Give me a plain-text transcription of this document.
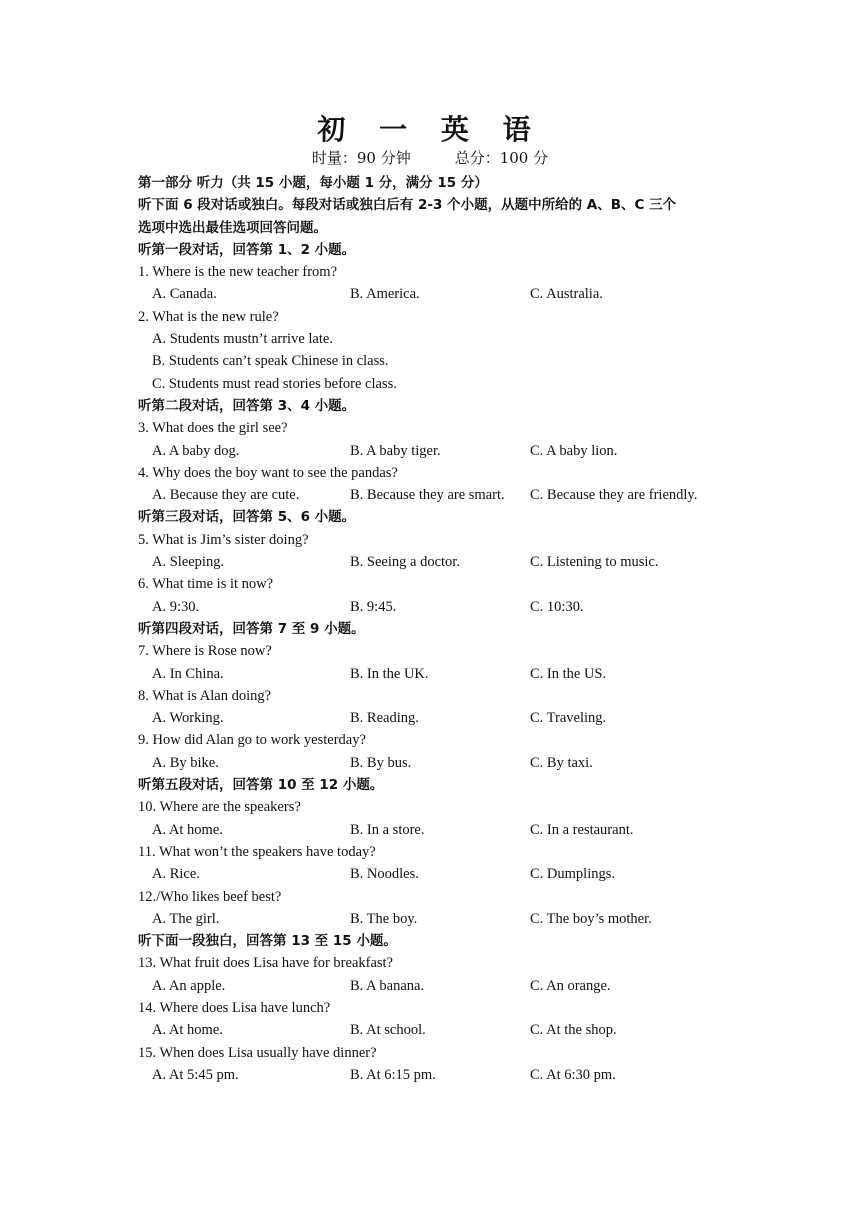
初 一 英 语
时量：90 分钟	总分：100 分
第一部分 听力（共 15 小题，每小题 1 分，满分 15 分）
听下面 6 段对话或独白。每段对话或独白后有 2-3 个小题，从题中所给的 A、B、C 三个
选项中选出最佳选项回答问题。
听第一段对话，回答第 1、2 小题。
1. Where is the new teacher from?
A. Canada.	B. America.	C. Australia.
2. What is the new rule?
A. Students mustn’t arrive late.
B. Students can’t speak Chinese in class.
C. Students must read stories before class.
听第二段对话，回答第 3、4 小题。
3. What does the girl see?
A. A baby dog.	B. A baby tiger.	C. A baby lion.
4. Why does the boy want to see the pandas?
A. Because they are cute.	B. Because they are smart. C. Because they are friendly.
听第三段对话，回答第 5、6 小题。
5. What is Jim’s sister doing?
A. Sleeping.	B. Seeing a doctor.	C. Listening to music.
6. What time is it now?
A. 9:30.	B. 9:45.	C. 10:30.
听第四段对话，回答第 7 至 9 小题。
7. Where is Rose now?
A. In China.	B. In the UK.	C. In the US.
8. What is Alan doing?
A. Working.	B. Reading.	C. Traveling.
9. How did Alan go to work yesterday?
A. By bike.	B. By bus.	C. By taxi.
听第五段对话，回答第 10 至 12 小题。
10. Where are the speakers?
A. At home.	B. In a store.	C. In a restaurant.
11. What won’t the speakers have today?
A. Rice.	B. Noodles.	C. Dumplings.
12./Who likes beef best?
A. The girl.	B. The boy.	C. The boy’s mother.
听下面一段独白，回答第 13 至 15 小题。
13. What fruit does Lisa have for breakfast?
A. An apple.	B. A banana.	C. An orange.
14. Where does Lisa have lunch?
A. At home.	B. At school.	C. At the shop.
15. When does Lisa usually have dinner?
A. At 5:45 pm.	B. At 6:15 pm.	C. At 6:30 pm.
